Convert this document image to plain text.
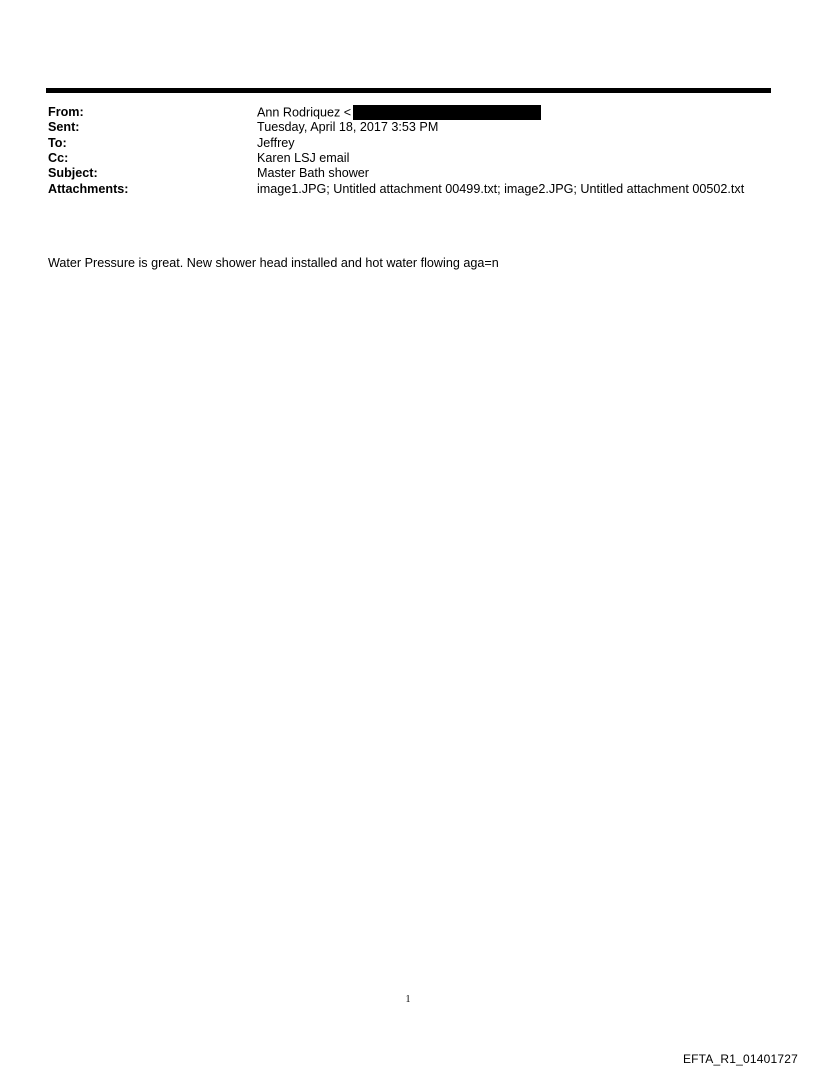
From:	Ann Rodriquez <
Sent:	Tuesday, April 18, 2017 3:53 PM
To:	Jeffrey
Cc:	Karen LSJ email
Subject:	Master Bath shower
Attachments:	image1.JPG; Untitled attachment 00499.txt; image2.JPG; Untitled attachment 00502.txt
Water Pressure is great. New shower head installed and hot water flowing aga=n
1
EFTA_R1_01401727
